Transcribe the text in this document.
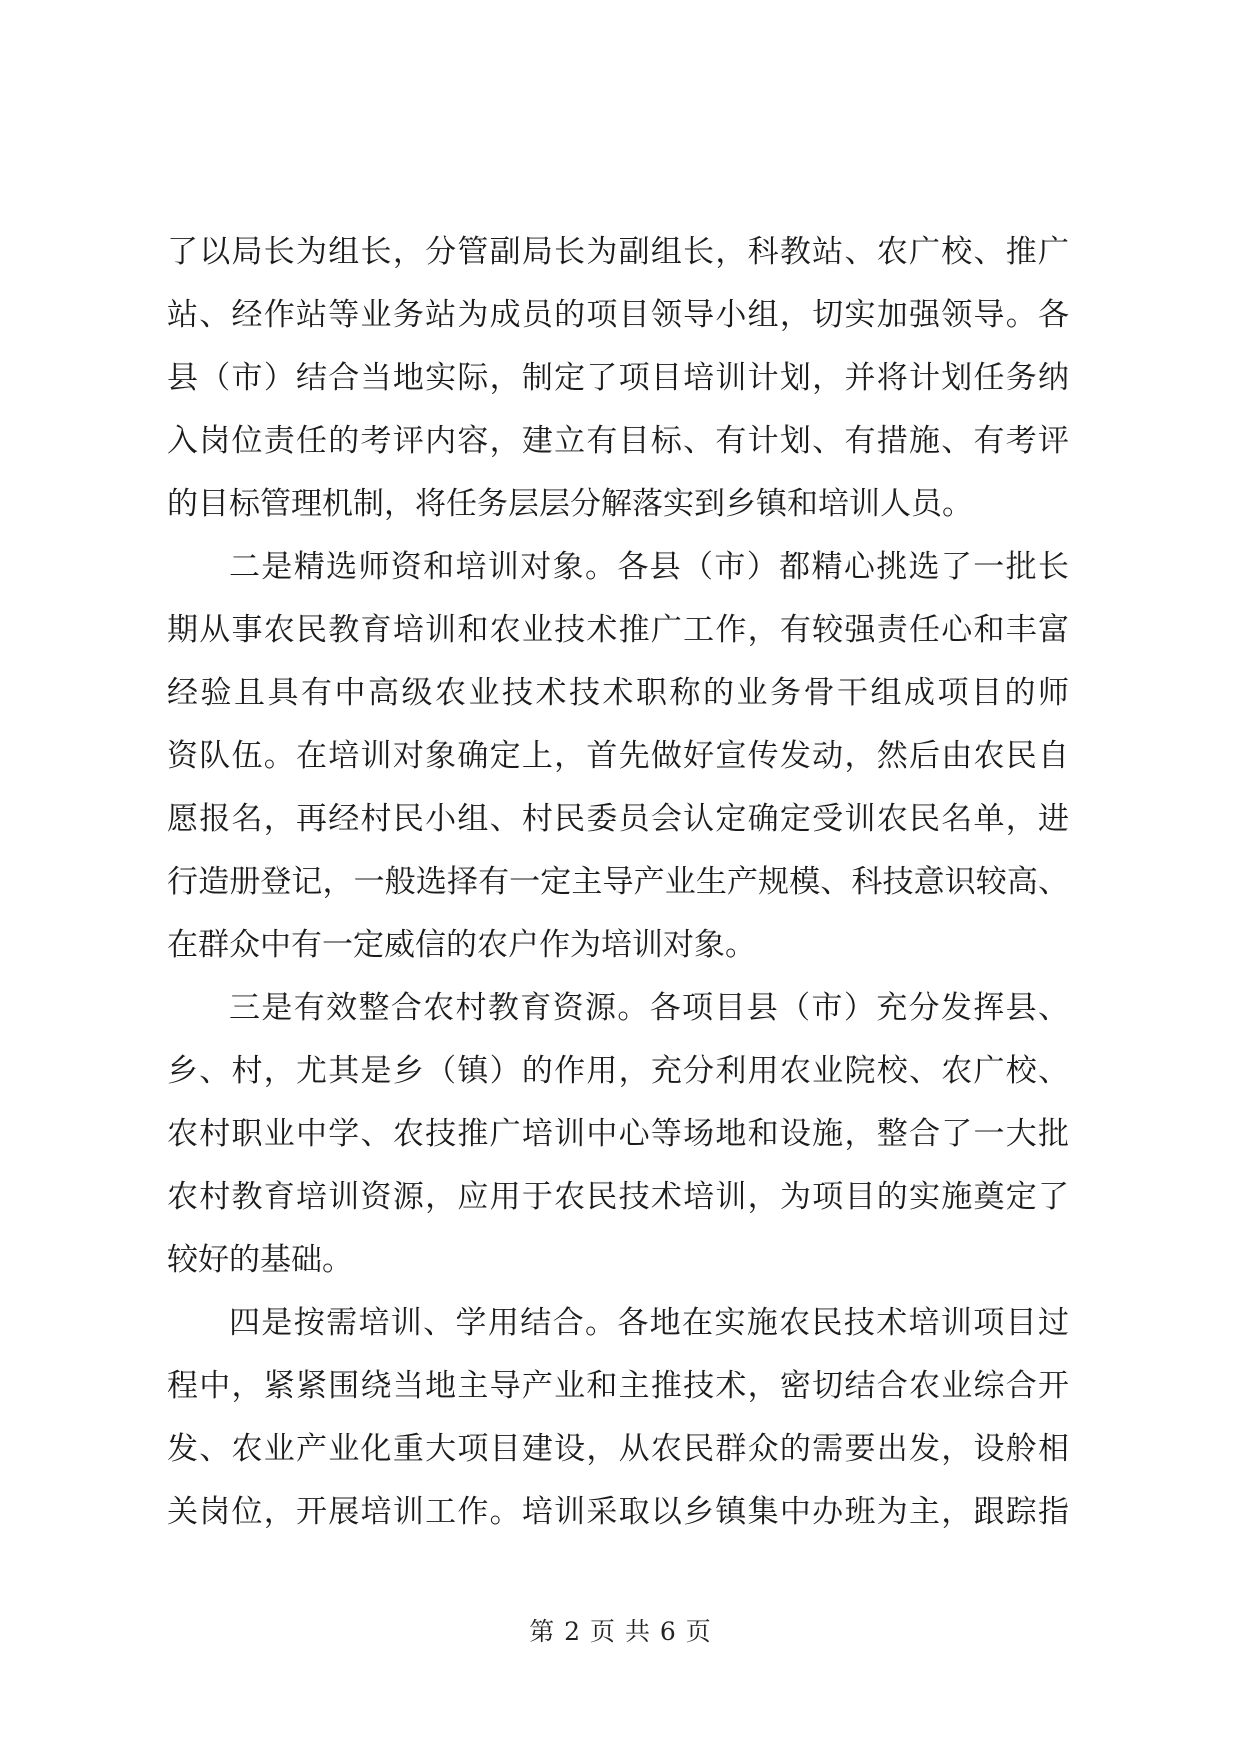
了以局长为组长，分管副局长为副组长，科教站、农广校、推广
站、经作站等业务站为成员的项目领导小组，切实加强领导。各
县（市）结合当地实际，制定了项目培训计划，并将计划任务纳
入岗位责任的考评内容，建立有目标、有计划、有措施、有考评
的目标管理机制，将任务层层分解落实到乡镇和培训人员。
二是精选师资和培训对象。各县（市）都精心挑选了一批长
期从事农民教育培训和农业技术推广工作，有较强责任心和丰富
经验且具有中高级农业技术技术职称的业务骨干组成项目的师
资队伍。在培训对象确定上，首先做好宣传发动，然后由农民自
愿报名，再经村民小组、村民委员会认定确定受训农民名单，进
行造册登记，一般选择有一定主导产业生产规模、科技意识较高、
在群众中有一定威信的农户作为培训对象。
三是有效整合农村教育资源。各项目县（市）充分发挥县、
乡、村，尤其是乡（镇）的作用，充分利用农业院校、农广校、
农村职业中学、农技推广培训中心等场地和设施，整合了一大批
农村教育培训资源，应用于农民技术培训，为项目的实施奠定了
较好的基础。
四是按需培训、学用结合。各地在实施农民技术培训项目过
程中，紧紧围绕当地主导产业和主推技术，密切结合农业综合开
发、农业产业化重大项目建设，从农民群众的需要出发，设舲相
关岗位，开展培训工作。培训采取以乡镇集中办班为主，跟踪指
第 2 页 共 6 页
